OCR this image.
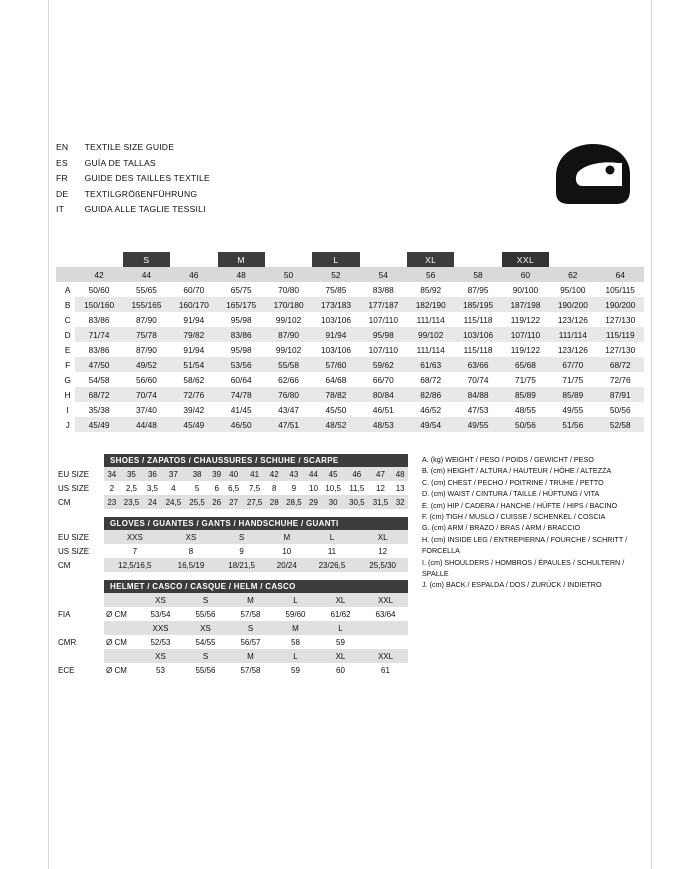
EN TEXTILE SIZE GUIDE
ES GUÍA DE TALLAS
FR GUIDE DES TAILLES TEXTILE
DE TEXTILGRÖßENFÜHRUNG
IT GUIDA ALLE TAGLIE TESSILI
		S		M		L		XL		XXL		
	42	44	46	48	50	52	54	56	58	60	62	64
A	50/60	55/65	60/70	65/75	70/80	75/85	83/88	85/92	87/95	90/100	95/100	105/115
B	150/160	155/165	160/170	165/175	170/180	173/183	177/187	182/190	185/195	187/198	190/200	190/200
C	83/86	87/90	91/94	95/98	99/102	103/106	107/110	111/114	115/118	119/122	123/126	127/130
D	71/74	75/78	79/82	83/86	87/90	91/94	95/98	99/102	103/106	107/110	111/114	115/119
E	83/86	87/90	91/94	95/98	99/102	103/106	107/110	111/114	115/118	119/122	123/126	127/130
F	47/50	49/52	51/54	53/56	55/58	57/60	59/62	61/63	63/66	65/68	67/70	68/72
G	54/58	56/60	58/62	60/64	62/66	64/68	66/70	68/72	70/74	71/75	71/75	72/76
H	68/72	70/74	72/76	74/78	76/80	78/82	80/84	82/86	84/88	85/89	85/89	87/91
I	35/38	37/40	39/42	41/45	43/47	45/50	46/51	46/52	47/53	48/55	49/55	50/56
J	45/49	44/48	45/49	46/50	47/51	48/52	48/53	49/54	49/55	50/56	51/56	52/58
SHOES / ZAPATOS / CHAUSSURES / SCHUHE / SCARPE
EU SIZE	34	35	36	37	38	39	40	41	42	43	44	45	46	47	48
US SIZE	2	2,5	3,5	4	5	6	6,5	7,5	8	9	10	10,5	11,5	12	13
CM	23	23,5	24	24,5	25,5	26	27	27,5	28	28,5	29	30	30,5	31,5	32
GLOVES / GUANTES / GANTS / HANDSCHUHE / GUANTI
EU SIZE	XXS	XS	S	M	L	XL
US SIZE	7	8	9	10	11	12
CM	12,5/16,5	16,5/19	18/21,5	20/24	23/26,5	25,5/30
HELMET / CASCO / CASQUE / HELM / CASCO
		XS	S	M	L	XL	XXL
FIA	Ø CM	53/54	55/56	57/58	59/60	61/62	63/64
		XXS	XS	S	M	L	
CMR	Ø CM	52/53	54/55	56/57	58	59	
		XS	S	M	L	XL	XXL
ECE	Ø CM	53	55/56	57/58	59	60	61
A. (kg) WEIGHT / PESO / POIDS / GEWICHT / PESO
B. (cm) HEIGHT / ALTURA / HAUTEUR / HÖHE / ALTEZZA
C. (cm) CHEST / PECHO / POITRINE / TRUHE / PETTO
D. (cm) WAIST / CINTURA / TAILLE / HÜFTUNG / VITA
E. (cm) HIP / CADERA / HANCHE / HÜFTE / HIPS / BACINO
F. (cm) TIGH / MUSLO / CUISSE / SCHENKEL / COSCIA
G. (cm) ARM / BRAZO / BRAS / ARM / BRACCIO
H. (cm) INSIDE LEG / ENTREPIERNA / FOURCHE / SCHRITT / FORCELLA
I. (cm) SHOULDERS / HOMBROS / ÉPAULES / SCHULTERN / SPALLE
J. (cm) BACK / ESPALDA / DOS / ZURÜCK / INDIETRO
